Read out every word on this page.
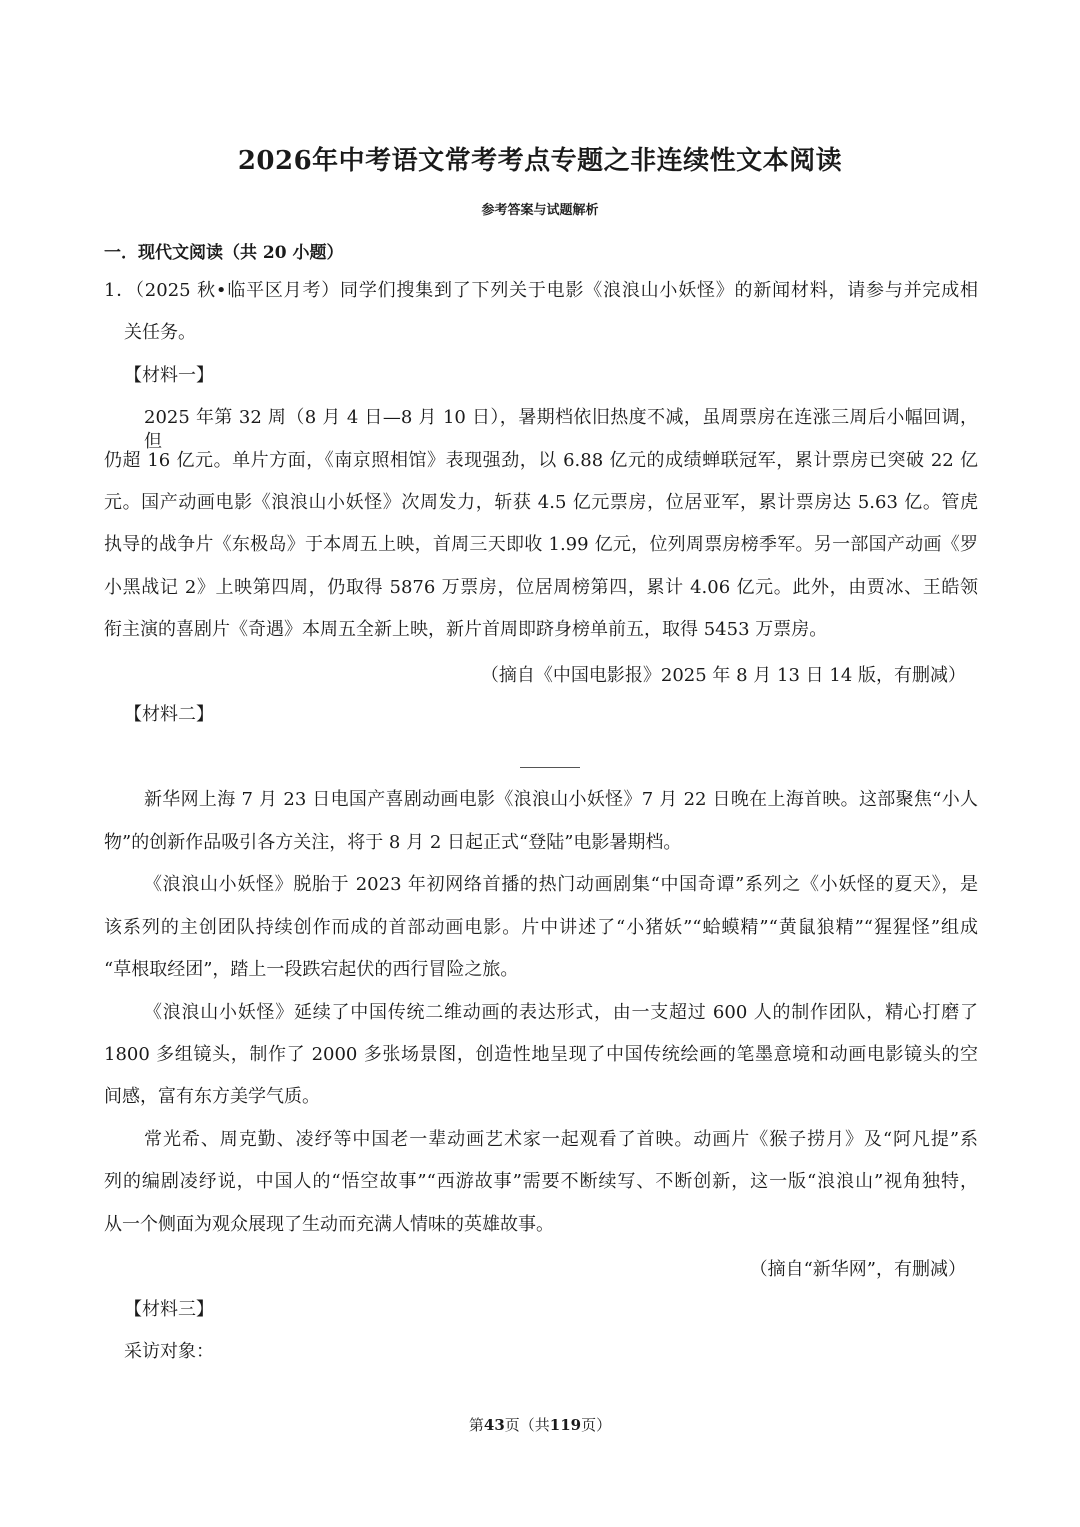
2026年中考语文常考考点专题之非连续性文本阅读
参考答案与试题解析
一．现代文阅读（共 20 小题）
1．（2025 秋•临平区月考）同学们搜集到了下列关于电影《浪浪山小妖怪》的新闻材料，请参与并完成相
关任务。
【材料一】
2025 年第 32 周（8 月 4 日—8 月 10 日），暑期档依旧热度不减，虽周票房在连涨三周后小幅回调，但
仍超 16 亿元。单片方面，《南京照相馆》表现强劲，以 6.88 亿元的成绩蝉联冠军，累计票房已突破 22 亿
元。国产动画电影《浪浪山小妖怪》次周发力，斩获 4.5 亿元票房，位居亚军，累计票房达 5.63 亿。管虎
执导的战争片《东极岛》于本周五上映，首周三天即收 1.99 亿元，位列周票房榜季军。另一部国产动画《罗
小黑战记 2》上映第四周，仍取得 5876 万票房，位居周榜第四，累计 4.06 亿元。此外，由贾冰、王皓领
衔主演的喜剧片《奇遇》本周五全新上映，新片首周即跻身榜单前五，取得 5453 万票房。
（摘自《中国电影报》2025 年 8 月 13 日 14 版，有删减）
【材料二】
新华网上海 7 月 23 日电国产喜剧动画电影《浪浪山小妖怪》7 月 22 日晚在上海首映。这部聚焦“小人
物”的创新作品吸引各方关注，将于 8 月 2 日起正式“登陆”电影暑期档。
《浪浪山小妖怪》脱胎于 2023 年初网络首播的热门动画剧集“中国奇谭”系列之《小妖怪的夏天》，是
该系列的主创团队持续创作而成的首部动画电影。片中讲述了“小猪妖”“蛤蟆精”“黄鼠狼精”“猩猩怪”组成
“草根取经团”，踏上一段跌宕起伏的西行冒险之旅。
《浪浪山小妖怪》延续了中国传统二维动画的表达形式，由一支超过 600 人的制作团队，精心打磨了
1800 多组镜头，制作了 2000 多张场景图，创造性地呈现了中国传统绘画的笔墨意境和动画电影镜头的空
间感，富有东方美学气质。
常光希、周克勤、凌纾等中国老一辈动画艺术家一起观看了首映。动画片《猴子捞月》及“阿凡提”系
列的编剧凌纾说，中国人的“悟空故事”“西游故事”需要不断续写、不断创新，这一版“浪浪山”视角独特，
从一个侧面为观众展现了生动而充满人情味的英雄故事。
（摘自“新华网”，有删减）
【材料三】
采访对象：
第43页（共119页）
